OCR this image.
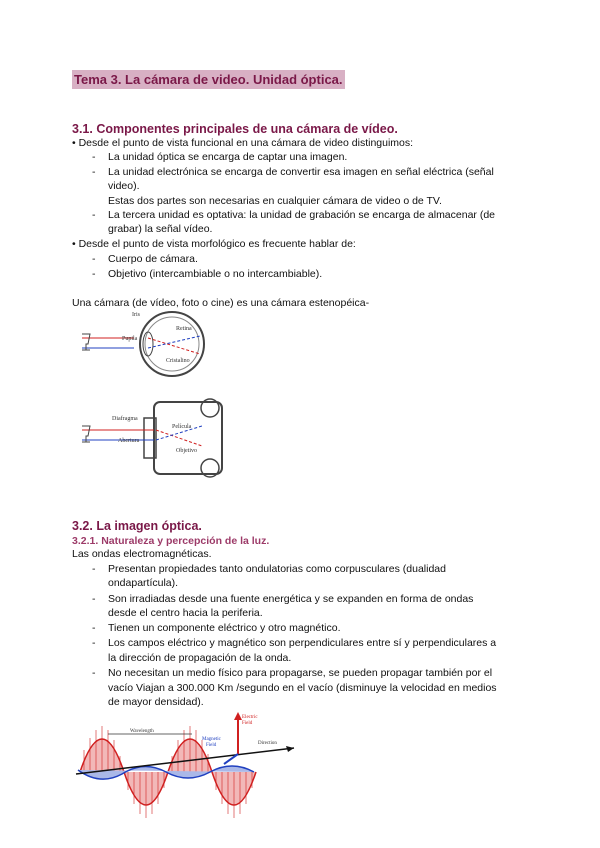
Tema 3. La cámara de video. Unidad óptica.
3.1. Componentes principales de una cámara de vídeo.
• Desde el punto de vista funcional en una cámara de video distinguimos:
- La unidad óptica se encarga de captar una imagen.
- La unidad electrónica se encarga de convertir esa imagen en señal eléctrica (señal
video).
Estas dos partes son necesarias en cualquier cámara de video o de TV.
- La tercera unidad es optativa: la unidad de grabación se encarga de almacenar (de
grabar) la señal vídeo.
• Desde el punto de vista morfológico es frecuente hablar de:
- Cuerpo de cámara.
- Objetivo (intercambiable o no intercambiable).
Una cámara (de vídeo, foto o cine) es una cámara estenopéica-
Iris
Pupila
Retina
Cristalino
Diafragma
Película
Abertura
Objetivo
3.2. La imagen óptica.
3.2.1. Naturaleza y percepción de la luz.
Las ondas electromagnéticas.
- Presentan propiedades tanto ondulatorias como corpusculares (dualidad
ondapartícula).
- Son irradiadas desde una fuente energética y se expanden en forma de ondas
desde el centro hacia la periferia.
- Tienen un componente eléctrico y otro magnético.
- Los campos eléctrico y magnético son perpendiculares entre sí y perpendiculares a
la dirección de propagación de la onda.
- No necesitan un medio físico para propagarse, se pueden propagar también por el
vacío Viajan a 300.000 Km /segundo en el vacío (disminuye la velocidad en medios
de mayor densidad).
Wavelength
Electric
Field
Direction
Magnetic
Field
